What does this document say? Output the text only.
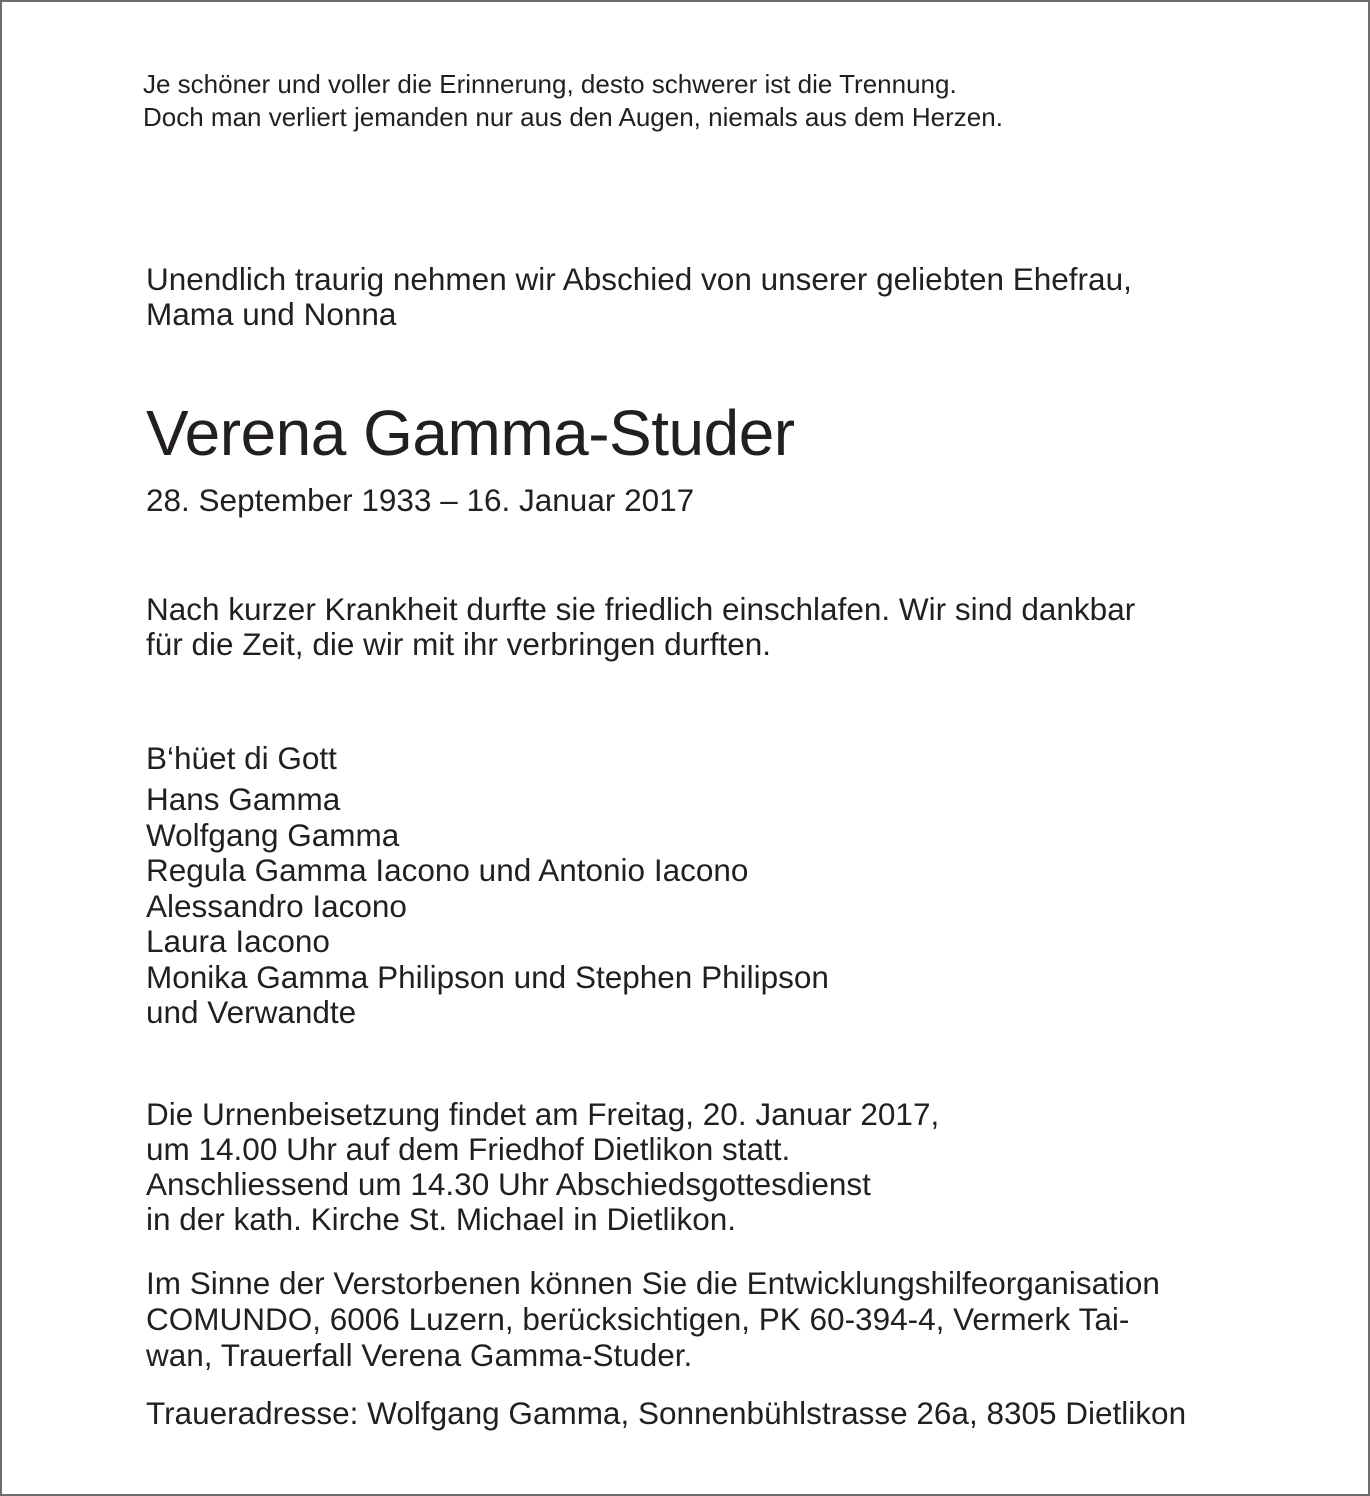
Je schöner und voller die Erinnerung, desto schwerer ist die Trennung.
Doch man verliert jemanden nur aus den Augen, niemals aus dem Herzen.
Unendlich traurig nehmen wir Abschied von unserer geliebten Ehefrau,
Mama und Nonna
Verena Gamma-Studer
28. September 1933 – 16. Januar 2017
Nach kurzer Krankheit durfte sie friedlich einschlafen. Wir sind dankbar
für die Zeit, die wir mit ihr verbringen durften.
B‘hüet di Gott
Hans Gamma
Wolfgang Gamma
Regula Gamma Iacono und Antonio Iacono
Alessandro Iacono
Laura Iacono
Monika Gamma Philipson und Stephen Philipson
und Verwandte
Die Urnenbeisetzung findet am Freitag, 20. Januar 2017,
um 14.00 Uhr auf dem Friedhof Dietlikon statt.
Anschliessend um 14.30 Uhr Abschiedsgottesdienst
in der kath. Kirche St. Michael in Dietlikon.
Im Sinne der Verstorbenen können Sie die Entwicklungshilfeorganisation
COMUNDO, 6006 Luzern, berücksichtigen, PK 60-394-4, Vermerk Tai-
wan, Trauerfall Verena Gamma-Studer.
Traueradresse: Wolfgang Gamma, Sonnenbühlstrasse 26a, 8305 Dietlikon
